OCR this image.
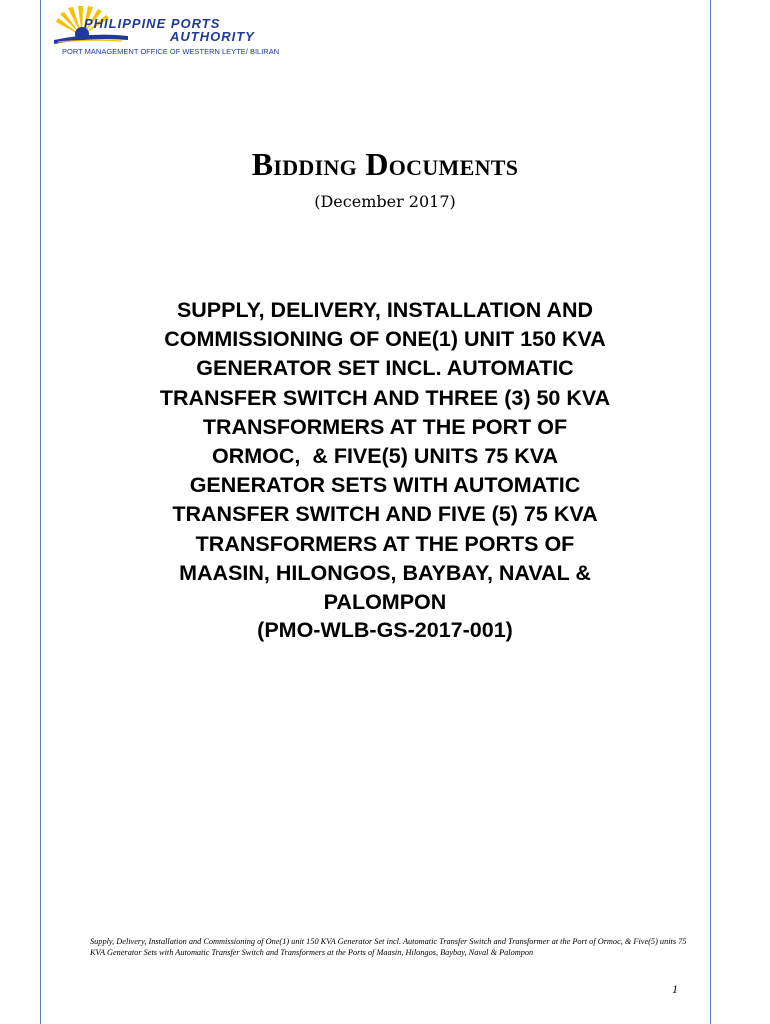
PHILIPPINE PORTS
AUTHORITY
PORT MANAGEMENT OFFICE OF WESTERN LEYTE/ BILIRAN
Bidding Documents
(December 2017)
SUPPLY, DELIVERY, INSTALLATION AND
COMMISSIONING OF ONE(1) UNIT 150 KVA
GENERATOR SET INCL. AUTOMATIC
TRANSFER SWITCH AND THREE (3) 50 KVA
TRANSFORMERS AT THE PORT OF
ORMOC,  & FIVE(5) UNITS 75 KVA
GENERATOR SETS WITH AUTOMATIC
TRANSFER SWITCH AND FIVE (5) 75 KVA
TRANSFORMERS AT THE PORTS OF
MAASIN, HILONGOS, BAYBAY, NAVAL &
PALOMPON
(PMO-WLB-GS-2017-001)
Supply, Delivery, Installation and Commissioning of One(1) unit 150 KVA Generator Set incl. Automatic Transfer Switch and Transformer at the Port of Ormoc, & Five(5) units 75 KVA Generator Sets with Automatic Transfer Switch and Transformers at the Ports of Maasin, Hilongos, Baybay, Naval & Palompon
1
